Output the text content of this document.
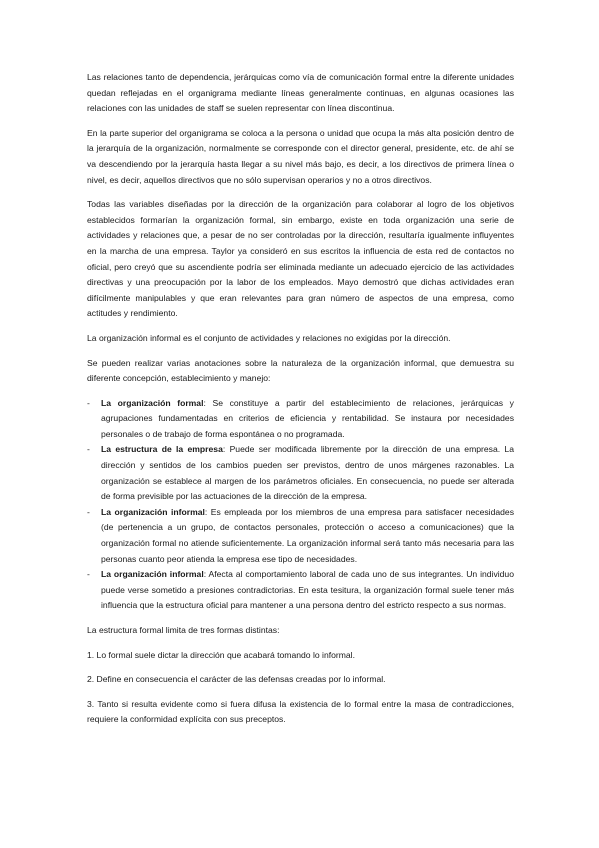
Las relaciones tanto de dependencia, jerárquicas como vía de comunicación formal entre la diferente unidades quedan reflejadas en el organigrama mediante líneas generalmente continuas, en algunas ocasiones las relaciones con las unidades de staff se suelen representar con línea discontinua.

En la parte superior del organigrama se coloca a la persona o unidad que ocupa la más alta posición dentro de la jerarquía de la organización, normalmente se corresponde con el director general, presidente, etc. de ahí se va descendiendo por la jerarquía hasta llegar a su nivel más bajo, es decir, a los directivos de primera línea o nivel, es decir, aquellos directivos que no sólo supervisan operarios y no a otros directivos.

Todas las variables diseñadas por la dirección de la organización para colaborar al logro de los objetivos establecidos formarían la organización formal, sin embargo, existe en toda organización una serie de actividades y relaciones que, a pesar de no ser controladas por la dirección, resultaría igualmente influyentes en la marcha de una empresa. Taylor ya consideró en sus escritos la influencia de esta red de contactos no oficial, pero creyó que su ascendiente podría ser eliminada mediante un adecuado ejercicio de las actividades directivas y una preocupación por la labor de los empleados. Mayo demostró que dichas actividades eran difícilmente manipulables y que eran relevantes para gran número de aspectos de una empresa, como actitudes y rendimiento.

La organización informal es el conjunto de actividades y relaciones no exigidas por la dirección.

Se pueden realizar varias anotaciones sobre la naturaleza de la organización informal, que demuestra su diferente concepción, establecimiento y manejo:

- La organización formal: Se constituye a partir del establecimiento de relaciones, jerárquicas y agrupaciones fundamentadas en criterios de eficiencia y rentabilidad. Se instaura por necesidades personales o de trabajo de forma espontánea o no programada.
- La estructura de la empresa: Puede ser modificada libremente por la dirección de una empresa. La dirección y sentidos de los cambios pueden ser previstos, dentro de unos márgenes razonables. La organización se establece al margen de los parámetros oficiales. En consecuencia, no puede ser alterada de forma previsible por las actuaciones de la dirección de la empresa.
- La organización informal: Es empleada por los miembros de una empresa para satisfacer necesidades (de pertenencia a un grupo, de contactos personales, protección o acceso a comunicaciones) que la organización formal no atiende suficientemente. La organización informal será tanto más necesaria para las personas cuanto peor atienda la empresa ese tipo de necesidades.
- La organización informal: Afecta al comportamiento laboral de cada uno de sus integrantes. Un individuo puede verse sometido a presiones contradictorias. En esta tesitura, la organización formal suele tener más influencia que la estructura oficial para mantener a una persona dentro del estricto respecto a sus normas.

La estructura formal limita de tres formas distintas:

1. Lo formal suele dictar la dirección que acabará tomando lo informal.

2. Define en consecuencia el carácter de las defensas creadas por lo informal.

3. Tanto si resulta evidente como si fuera difusa la existencia de lo formal entre la masa de contradicciones, requiere la conformidad explícita con sus preceptos.
